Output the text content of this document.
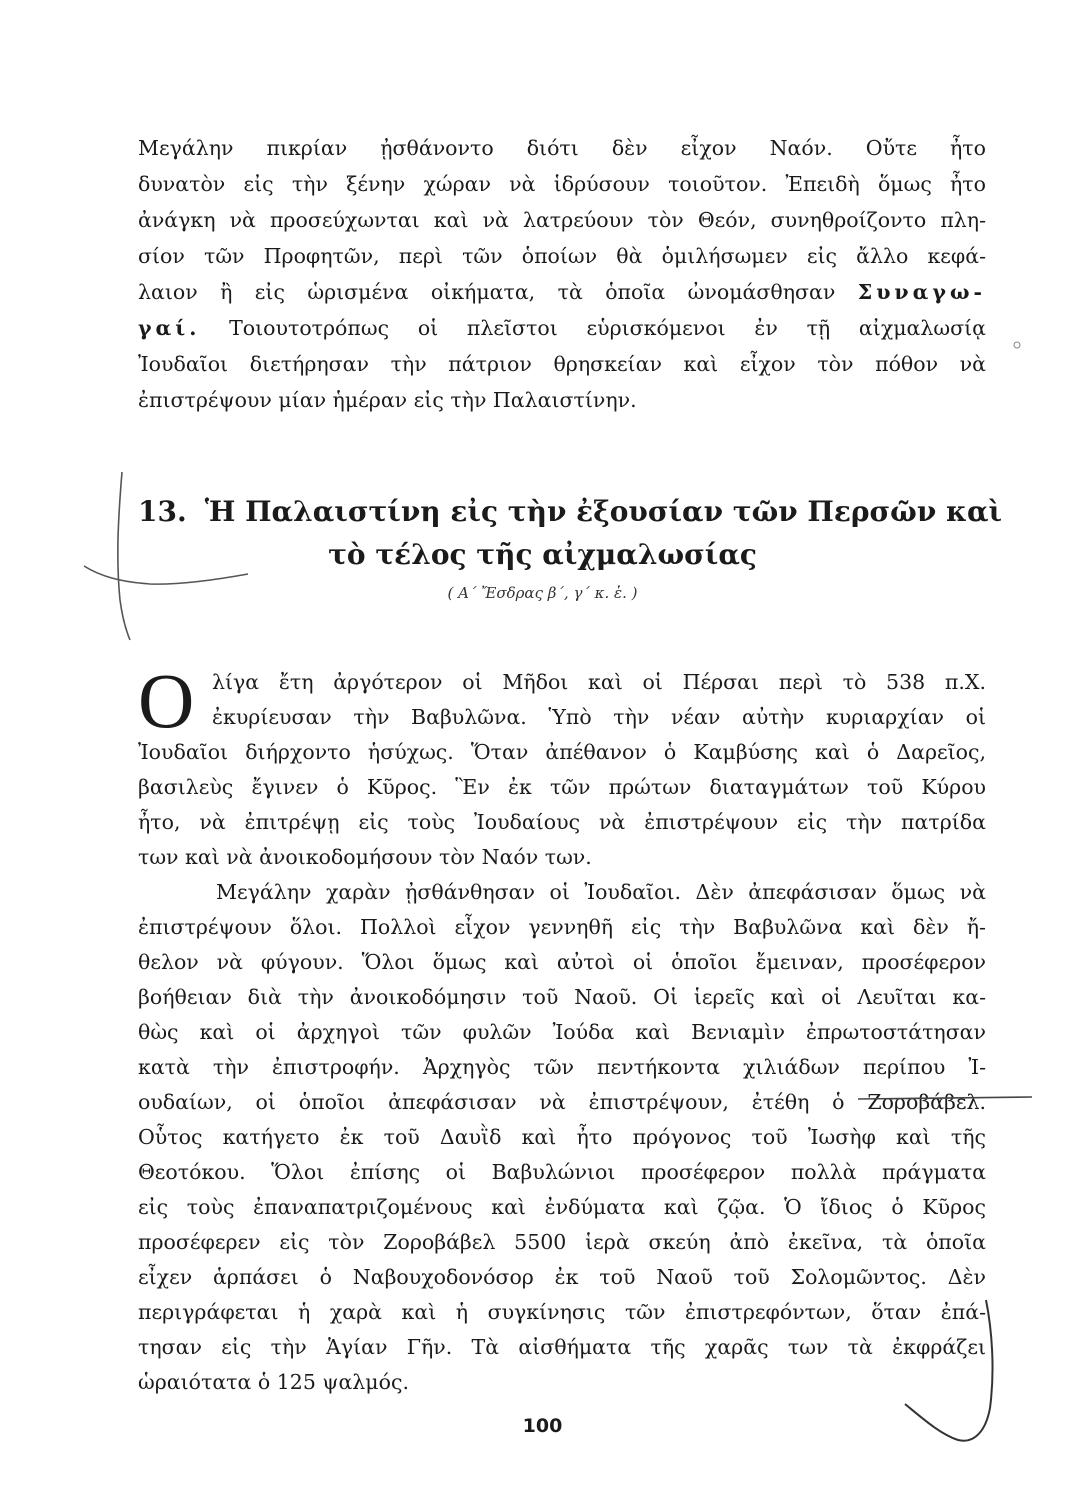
Μεγάλην πικρίαν ᾐσθάνοντο διότι δὲν εἶχον Ναόν. Οὔτε ἦτο
δυνατὸν εἰς τὴν ξένην χώραν νὰ ἱδρύσουν τοιοῦτον. Ἐπειδὴ ὅμως ἦτο
ἀνάγκη νὰ προσεύχωνται καὶ νὰ λατρεύουν τὸν Θεόν, συνηθροίζοντο πλη-
σίον τῶν Προφητῶν, περὶ τῶν ὁποίων θὰ ὁμιλήσωμεν εἰς ἄλλο κεφά-
λαιον ἢ εἰς ὡρισμένα οἰκήματα, τὰ ὁποῖα ὠνομάσθησαν Συναγω-
γαί. Τοιουτοτρόπως οἱ πλεῖστοι εὑρισκόμενοι ἐν τῇ αἰχμαλωσίᾳ
Ἰουδαῖοι διετήρησαν τὴν πάτριον θρησκείαν καὶ εἶχον τὸν πόθον νὰ
ἐπιστρέψουν μίαν ἡμέραν εἰς τὴν Παλαιστίνην.
13. Ἡ Παλαιστίνη εἰς τὴν ἐξουσίαν τῶν Περσῶν καὶ
τὸ τέλος τῆς αἰχμαλωσίας
( Α΄ Ἔσδρας β΄, γ΄ κ. ἑ. )
Ο λίγα ἔτη ἀργότερον οἱ Μῆδοι καὶ οἱ Πέρσαι περὶ τὸ 538 π.Χ.
ἐκυρίευσαν τὴν Βαβυλῶνα. Ὑπὸ τὴν νέαν αὐτὴν κυριαρχίαν οἱ
Ἰουδαῖοι διήρχοντο ἡσύχως. Ὅταν ἀπέθανον ὁ Καμβύσης καὶ ὁ Δαρεῖος,
βασιλεὺς ἔγινεν ὁ Κῦρος. Ἓν ἐκ τῶν πρώτων διαταγμάτων τοῦ Κύρου
ἦτο, νὰ ἐπιτρέψῃ εἰς τοὺς Ἰουδαίους νὰ ἐπιστρέψουν εἰς τὴν πατρίδα
των καὶ νὰ ἀνοικοδομήσουν τὸν Ναόν των.
Μεγάλην χαρὰν ᾐσθάνθησαν οἱ Ἰουδαῖοι. Δὲν ἀπεφάσισαν ὅμως νὰ
ἐπιστρέψουν ὅλοι. Πολλοὶ εἶχον γεννηθῆ εἰς τὴν Βαβυλῶνα καὶ δὲν ἤ-
θελον νὰ φύγουν. Ὅλοι ὅμως καὶ αὐτοὶ οἱ ὁποῖοι ἔμειναν, προσέφερον
βοήθειαν διὰ τὴν ἀνοικοδόμησιν τοῦ Ναοῦ. Οἱ ἱερεῖς καὶ οἱ Λευῖται κα-
θὼς καὶ οἱ ἀρχηγοὶ τῶν φυλῶν Ἰούδα καὶ Βενιαμὶν ἐπρωτοστάτησαν
κατὰ τὴν ἐπιστροφήν. Ἀρχηγὸς τῶν πεντήκοντα χιλιάδων περίπου Ἰ-
ουδαίων, οἱ ὁποῖοι ἀπεφάσισαν νὰ ἐπιστρέψουν, ἐτέθη ὁ Ζοροβάβελ.
Οὗτος κατήγετο ἐκ τοῦ Δαυῒδ καὶ ἦτο πρόγονος τοῦ Ἰωσὴφ καὶ τῆς
Θεοτόκου. Ὅλοι ἐπίσης οἱ Βαβυλώνιοι προσέφερον πολλὰ πράγματα
εἰς τοὺς ἐπαναπατριζομένους καὶ ἐνδύματα καὶ ζῷα. Ὁ ἴδιος ὁ Κῦρος
προσέφερεν εἰς τὸν Ζοροβάβελ 5500 ἱερὰ σκεύη ἀπὸ ἐκεῖνα, τὰ ὁποῖα
εἶχεν ἁρπάσει ὁ Ναβουχοδονόσορ ἐκ τοῦ Ναοῦ τοῦ Σολομῶντος. Δὲν
περιγράφεται ἡ χαρὰ καὶ ἡ συγκίνησις τῶν ἐπιστρεφόντων, ὅταν ἐπά-
τησαν εἰς τὴν Ἁγίαν Γῆν. Τὰ αἰσθήματα τῆς χαρᾶς των τὰ ἐκφράζει
ὡραιότατα ὁ 125 ψαλμός.
100
